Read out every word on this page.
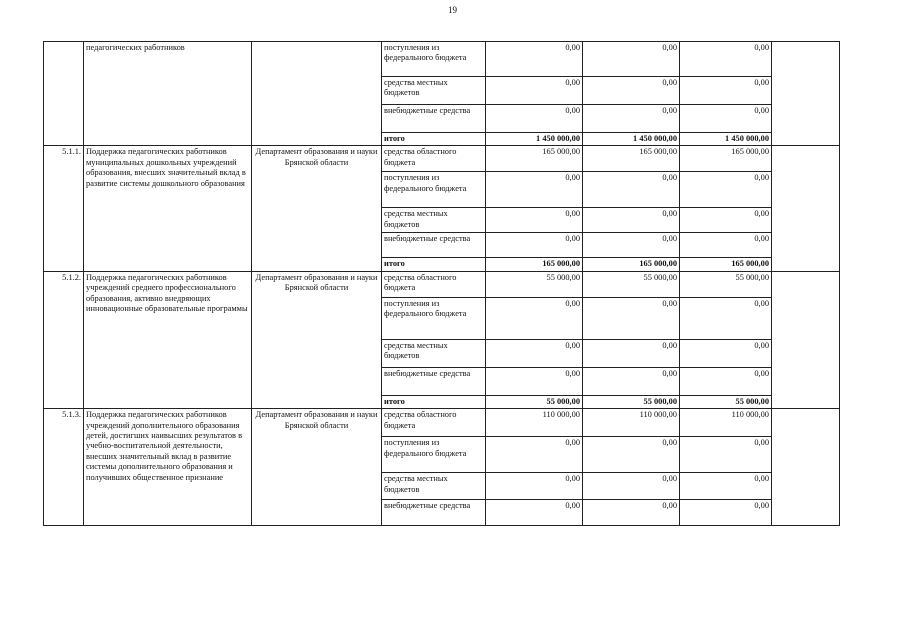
19
	педагогических работников		поступления из федерального бюджета	0,00	0,00	0,00	
			средства местных бюджетов	0,00	0,00	0,00	
			внебюджетные средства	0,00	0,00	0,00	
			итого	1 450 000,00	1 450 000,00	1 450 000,00	
5.1.1.	Поддержка педагогических работников муниципальных дошкольных учреждений образования, внесших значительный вклад в развитие системы дошкольного образования	Департамент образования и науки Брянской области	средства областного бюджета	165 000,00	165 000,00	165 000,00	
			поступления из федерального бюджета	0,00	0,00	0,00	
			средства местных бюджетов	0,00	0,00	0,00	
			внебюджетные средства	0,00	0,00	0,00	
			итого	165 000,00	165 000,00	165 000,00	
5.1.2.	Поддержка педагогических работников учреждений среднего профессионального образования, активно внедряющих инновационные образовательные программы	Департамент образования и науки Брянской области	средства областного бюджета	55 000,00	55 000,00	55 000,00	
			поступления из федерального бюджета	0,00	0,00	0,00	
			средства местных бюджетов	0,00	0,00	0,00	
			внебюджетные средства	0,00	0,00	0,00	
			итого	55 000,00	55 000,00	55 000,00	
5.1.3.	Поддержка педагогических работников учреждений дополнительного образования детей, достигших наивысших результатов в учебно-воспитательной деятельности, внесших значительный вклад в развитие системы дополнительного образования и получивших общественное признание	Департамент образования и науки Брянской области	средства областного бюджета	110 000,00	110 000,00	110 000,00	
			поступления из федерального бюджета	0,00	0,00	0,00	
			средства местных бюджетов	0,00	0,00	0,00	
			внебюджетные средства	0,00	0,00	0,00	
